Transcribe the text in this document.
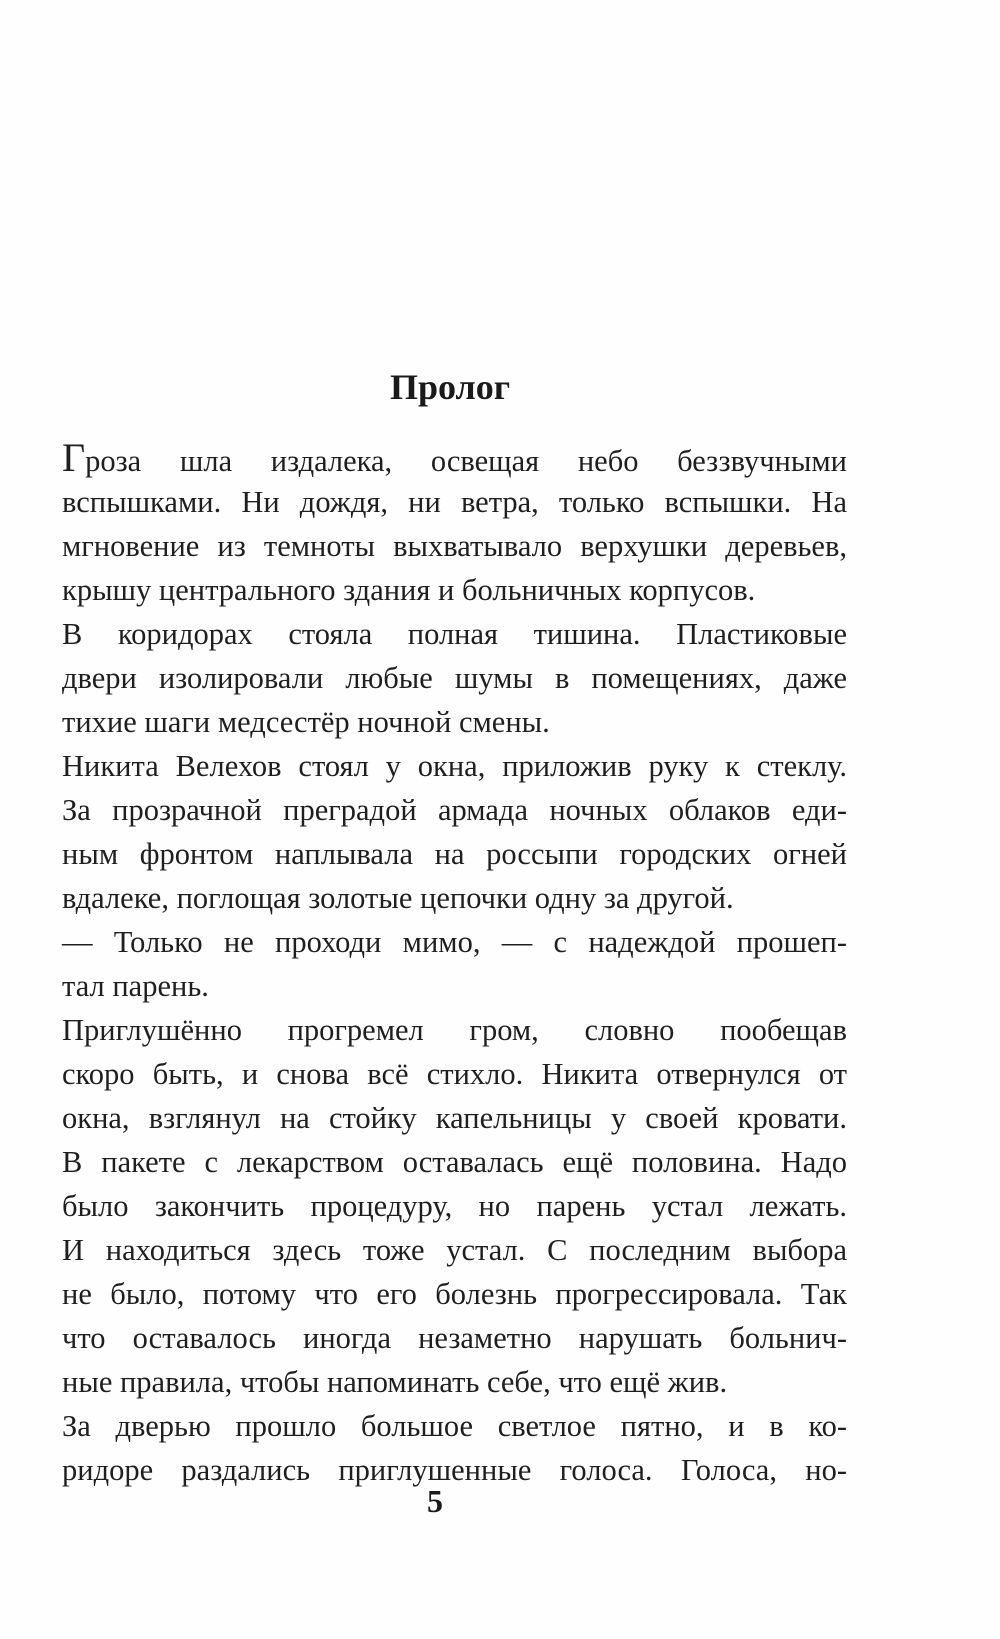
Пролог

Гроза шла издалека, освещая небо беззвучными

вспышками. Ни дождя, ни ветра, только вспышки. На

мгновение из темноты выхватывало верхушки деревьев,

крышу центрального здания и больничных корпусов.

В коридорах стояла полная тишина. Пластиковые

двери изолировали любые шумы в помещениях, даже

тихие шаги медсестёр ночной смены.

Никита Велехов стоял у окна, приложив руку к стеклу.

За прозрачной преградой армада ночных облаков еди-

ным фронтом наплывала на россыпи городских огней

вдалеке, поглощая золотые цепочки одну за другой.

— Только не проходи мимо, — с надеждой прошеп-

тал парень.

Приглушённо прогремел гром, словно пообещав

скоро быть, и снова всё стихло. Никита отвернулся от

окна, взглянул на стойку капельницы у своей кровати.

В пакете с лекарством оставалась ещё половина. Надо

было закончить процедуру, но парень устал лежать.

И находиться здесь тоже устал. С последним выбора

не было, потому что его болезнь прогрессировала. Так

что оставалось иногда незаметно нарушать больнич-

ные правила, чтобы напоминать себе, что ещё жив.

За дверью прошло большое светлое пятно, и в ко-

ридоре раздались приглушенные голоса. Голоса, но-

5
